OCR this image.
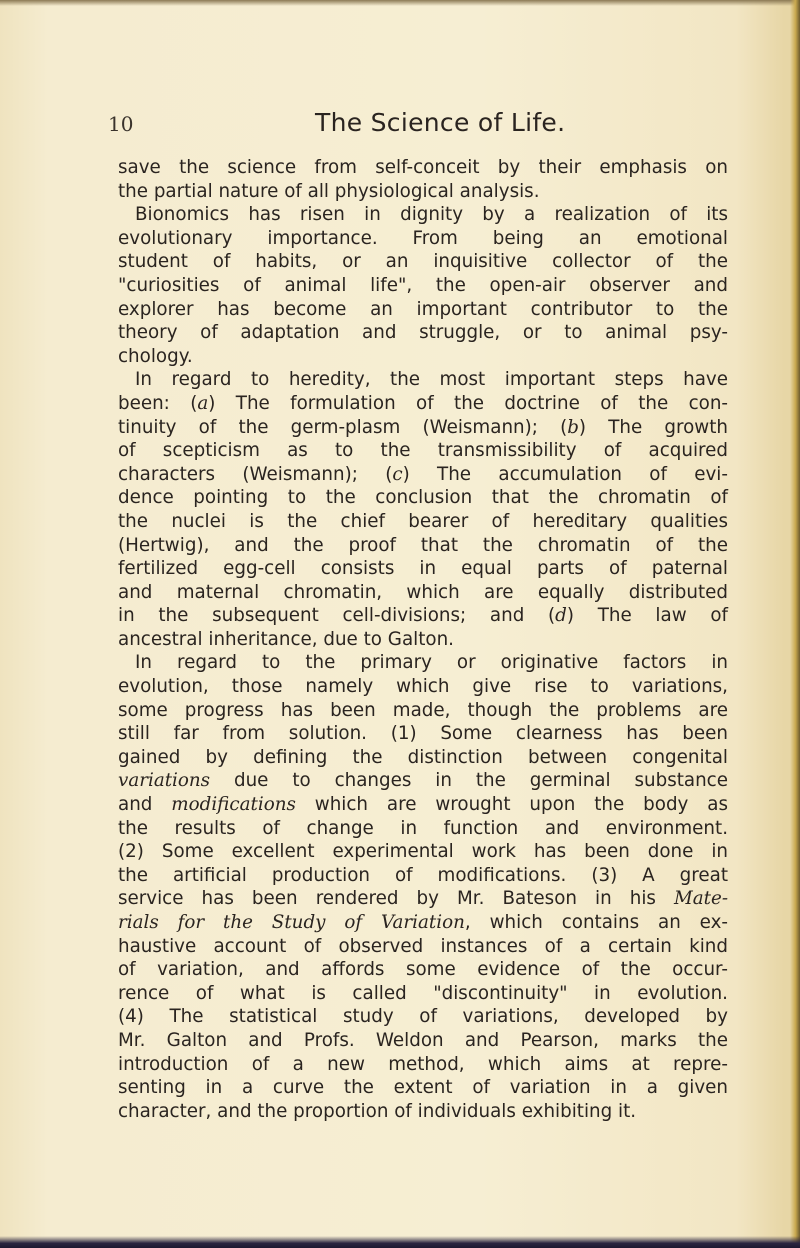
10	The Science of Life.
save the science from self-conceit by their emphasis on
the partial nature of all physiological analysis.
Bionomics has risen in dignity by a realization of its
evolutionary importance. From being an emotional
student of habits, or an inquisitive collector of the
"curiosities of animal life", the open-air observer and
explorer has become an important contributor to the
theory of adaptation and struggle, or to animal psy-
chology.
In regard to heredity, the most important steps have
been: (a) The formulation of the doctrine of the con-
tinuity of the germ-plasm (Weismann); (b) The growth
of scepticism as to the transmissibility of acquired
characters (Weismann); (c) The accumulation of evi-
dence pointing to the conclusion that the chromatin of
the nuclei is the chief bearer of hereditary qualities
(Hertwig), and the proof that the chromatin of the
fertilized egg-cell consists in equal parts of paternal
and maternal chromatin, which are equally distributed
in the subsequent cell-divisions; and (d) The law of
ancestral inheritance, due to Galton.
In regard to the primary or originative factors in
evolution, those namely which give rise to variations,
some progress has been made, though the problems are
still far from solution. (1) Some clearness has been
gained by defining the distinction between congenital
variations due to changes in the germinal substance
and modifications which are wrought upon the body as
the results of change in function and environment.
(2) Some excellent experimental work has been done in
the artificial production of modifications. (3) A great
service has been rendered by Mr. Bateson in his Mate-
rials for the Study of Variation, which contains an ex-
haustive account of observed instances of a certain kind
of variation, and affords some evidence of the occur-
rence of what is called "discontinuity" in evolution.
(4) The statistical study of variations, developed by
Mr. Galton and Profs. Weldon and Pearson, marks the
introduction of a new method, which aims at repre-
senting in a curve the extent of variation in a given
character, and the proportion of individuals exhibiting it.
